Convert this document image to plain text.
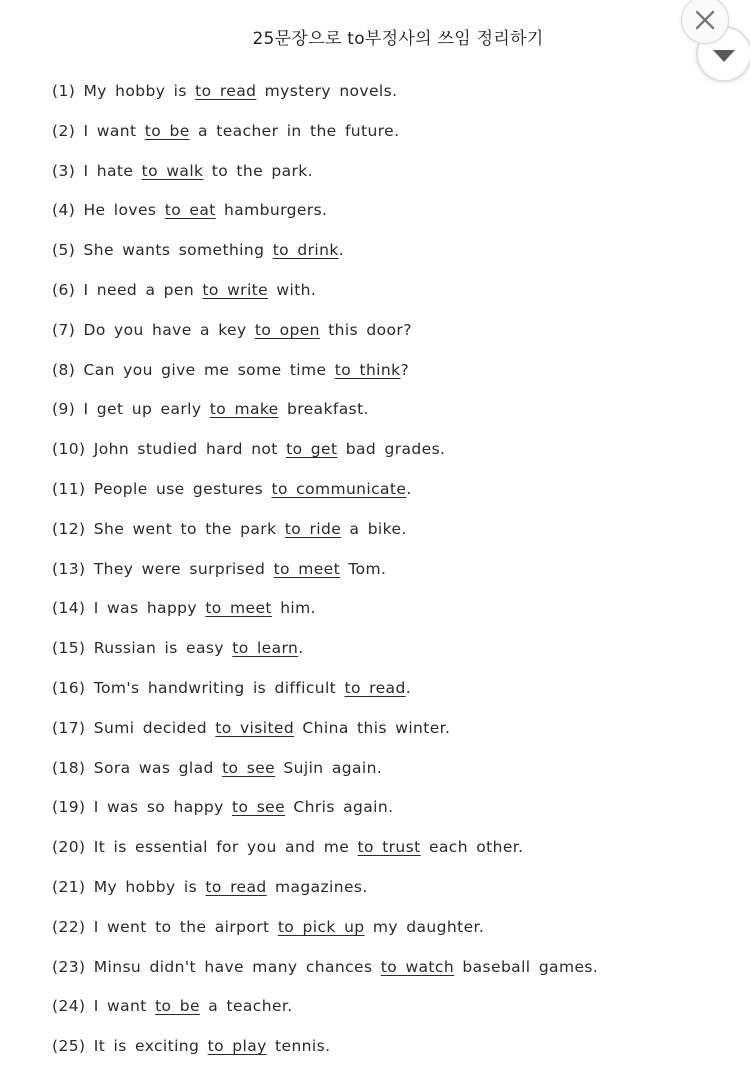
25문장으로 to부정사의 쓰임 정리하기
(1) My hobby is to read mystery novels.
(2) I want to be a teacher in the future.
(3) I hate to walk to the park.
(4) He loves to eat hamburgers.
(5) She wants something to drink.
(6) I need a pen to write with.
(7) Do you have a key to open this door?
(8) Can you give me some time to think?
(9) I get up early to make breakfast.
(10) John studied hard not to get bad grades.
(11) People use gestures to communicate.
(12) She went to the park to ride a bike.
(13) They were surprised to meet Tom.
(14) I was happy to meet him.
(15) Russian is easy to learn.
(16) Tom's handwriting is difficult to read.
(17) Sumi decided to visited China this winter.
(18) Sora was glad to see Sujin again.
(19) I was so happy to see Chris again.
(20) It is essential for you and me to trust each other.
(21) My hobby is to read magazines.
(22) I went to the airport to pick up my daughter.
(23) Minsu didn't have many chances to watch baseball games.
(24) I want to be a teacher.
(25) It is exciting to play tennis.
